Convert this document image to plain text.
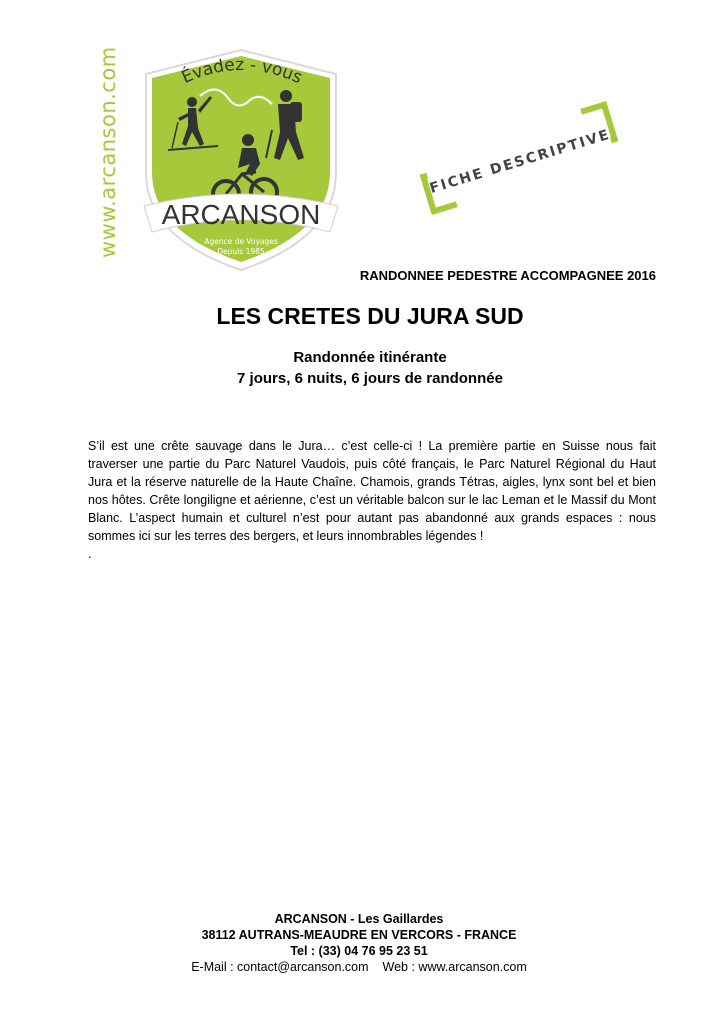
www.arcanson.com	Évadez - vous
ARCANSON
Agence de Voyages
Depuis 1985
FICHE DESCRIPTIVE
RANDONNEE PEDESTRE ACCOMPAGNEE 2016
LES CRETES DU JURA SUD
Randonnée itinérante
7 jours, 6 nuits, 6 jours de randonnée

S’il est une crête sauvage dans le Jura… c’est celle-ci ! La première partie en Suisse nous fait traverser une partie du Parc Naturel Vaudois, puis côté français, le Parc Naturel Régional du Haut Jura et la réserve naturelle de la Haute Chaîne. Chamois, grands Tétras, aigles, lynx sont bel et bien nos hôtes. Crête longiligne et aérienne, c’est un véritable balcon sur le lac Leman et le Massif du Mont Blanc. L’aspect humain et culturel n’est pour autant pas abandonné aux grands espaces : nous sommes ici sur les terres des bergers, et leurs innombrables légendes !

.

ARCANSON - Les Gaillardes
38112 AUTRANS-MEAUDRE EN VERCORS - FRANCE
Tel : (33) 04 76 95 23 51
E-Mail : contact@arcanson.com Web : www.arcanson.com
